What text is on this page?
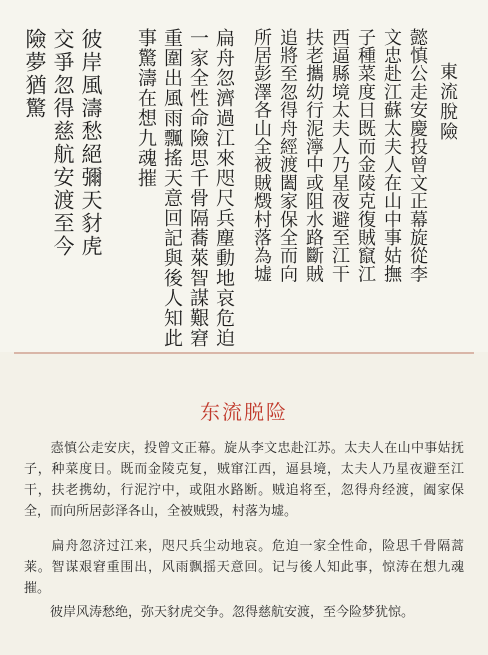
東流脫險
懿慎公走安慶投曾文正幕旋從李
文忠赴江蘇太夫人在山中事姑撫
子種菜度日既而金陵克復賊竄江
西逼縣境太夫人乃星夜避至江干
扶老攜幼行泥濘中或阻水路斷賊
追將至忽得舟經渡闔家保全而向
所居彭澤各山全被賊燬村落為墟
扁舟忽濟過江來咫尺兵塵動地哀危迫
一家全性命險思千骨隔蕎萊智謀艱窘
重圍出風雨飄搖天意回記與後人知此
事驚濤在想九魂摧
彼岸風濤愁絕彌天豺虎
交爭忽得慈航安渡至今
險夢猶驚
东流脱险

　　悫慎公走安庆，投曾文正幕。旋从李文忠赴江苏。太夫人在山中事姑抚子，种菜度日。既而金陵克复，贼窜江西，逼县境，太夫人乃星夜避至江干，扶老携幼，行泥泞中，或阻水路断。贼追将至，忽得舟经渡，阖家保全，而向所居彭泽各山，全被贼毁，村落为墟。

　　扁舟忽济过江来，咫尺兵尘动地哀。危迫一家全性命，险思千骨隔蒿莱。智谋艰窘重围出，风雨飘摇天意回。记与後人知此事，惊涛在想九魂摧。

　　彼岸风涛愁绝，弥天豺虎交争。忽得慈航安渡，至今险梦犹惊。
